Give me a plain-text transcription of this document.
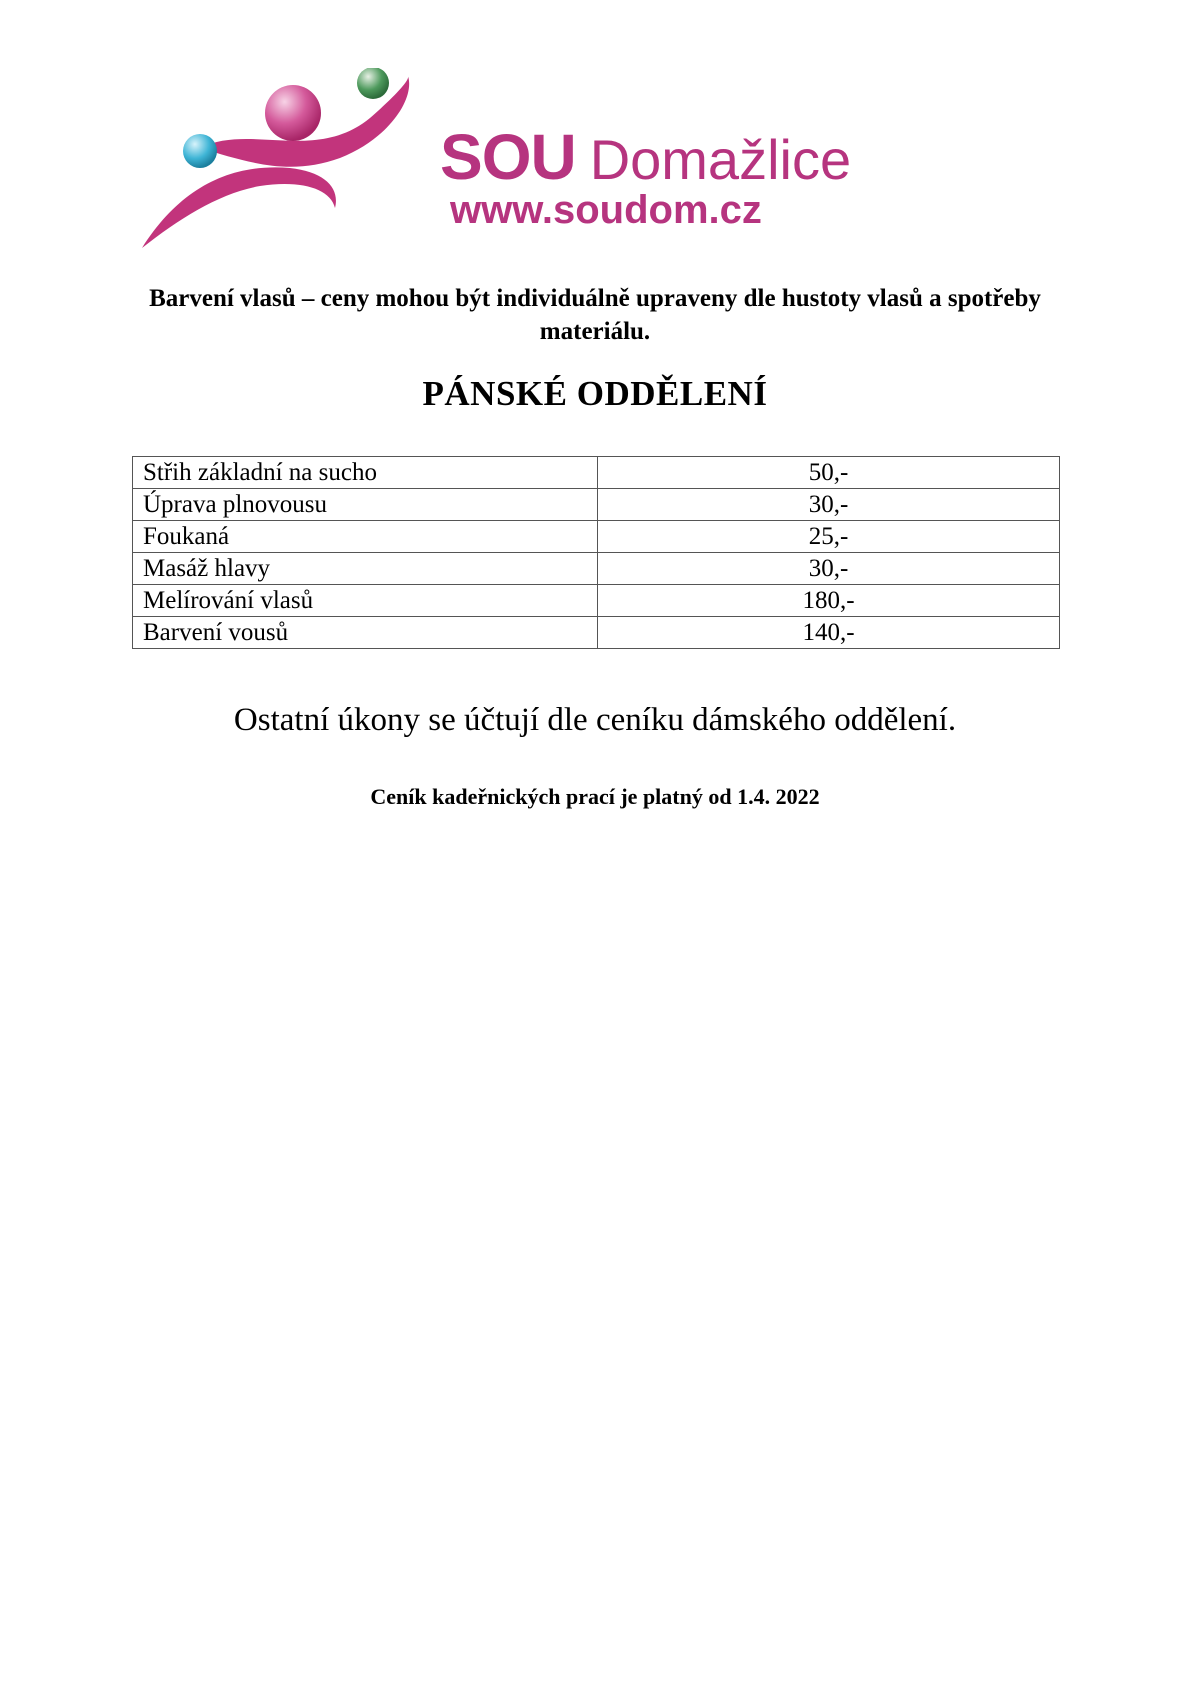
SOU Domažlice
www.soudom.cz
Barvení vlasů – ceny mohou být individuálně upraveny dle hustoty vlasů a spotřeby materiálu.
PÁNSKÉ ODDĚLENÍ
Střih základní na sucho	50,-
Úprava plnovousu	30,-
Foukaná	25,-
Masáž hlavy	30,-
Melírování vlasů	180,-
Barvení vousů	140,-
Ostatní úkony se účtují dle ceníku dámského oddělení.
Ceník kadeřnických prací je platný od 1.4. 2022
